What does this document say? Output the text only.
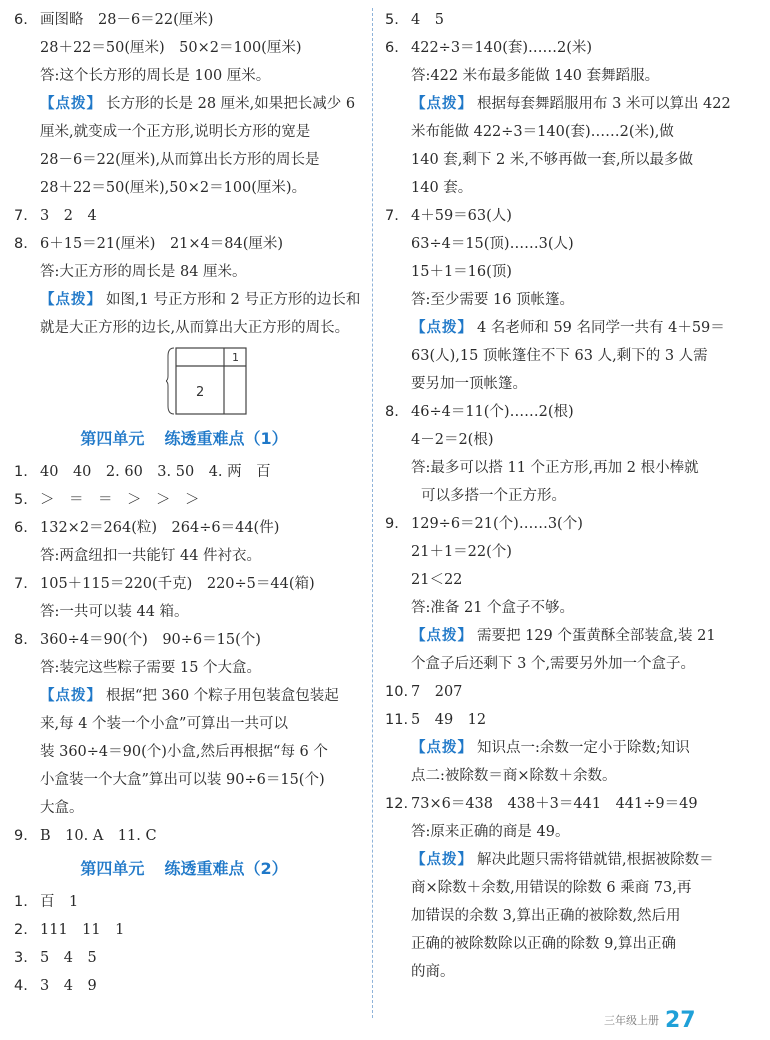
6. 画图略　28－6＝22(厘米)
28＋22＝50(厘米)　50×2＝100(厘米)
答:这个长方形的周长是 100 厘米。
【点拨】 长方形的长是 28 厘米,如果把长减少 6
厘米,就变成一个正方形,说明长方形的宽是
28－6＝22(厘米),从而算出长方形的周长是
28＋22＝50(厘米),50×2＝100(厘米)。
7. 3　2　4
8. 6＋15＝21(厘米)　21×4＝84(厘米)
答:大正方形的周长是 84 厘米。
【点拨】 如图,1 号正方形和 2 号正方形的边长和
就是大正方形的边长,从而算出大正方形的周长。
1
2
第四单元 练透重难点（1）
1. 40　40　2. 60　3. 50　4. 两　百
5. ＞　＝　＝　＞　＞　＞
6. 132×2＝264(粒)　264÷6＝44(件)
答:两盒纽扣一共能钉 44 件衬衣。
7. 105＋115＝220(千克)　220÷5＝44(箱)
答:一共可以装 44 箱。
8. 360÷4＝90(个)　90÷6＝15(个)
答:装完这些粽子需要 15 个大盒。
【点拨】 根据“把 360 个粽子用包装盒包装起
来,每 4 个装一个小盒”可算出一共可以
装 360÷4＝90(个)小盒,然后再根据“每 6 个
小盒装一个大盒”算出可以装 90÷6＝15(个)
大盒。
9. B　10. A　11. C
第四单元 练透重难点（2）
1. 百　1
2. 111　11　1
3. 5　4　5
4. 3　4　9
5. 4　5
6. 422÷3＝140(套)……2(米)
答:422 米布最多能做 140 套舞蹈服。
【点拨】 根据每套舞蹈服用布 3 米可以算出 422
米布能做 422÷3＝140(套)……2(米),做
140 套,剩下 2 米,不够再做一套,所以最多做
140 套。
7. 4＋59＝63(人)
63÷4＝15(顶)……3(人)
15＋1＝16(顶)
答:至少需要 16 顶帐篷。
【点拨】 4 名老师和 59 名同学一共有 4＋59＝
63(人),15 顶帐篷住不下 63 人,剩下的 3 人需
要另加一顶帐篷。
8. 46÷4＝11(个)……2(根)
4－2＝2(根)
答:最多可以搭 11 个正方形,再加 2 根小棒就
可以多搭一个正方形。
9. 129÷6＝21(个)……3(个)
21＋1＝22(个)
21＜22
答:准备 21 个盒子不够。
【点拨】 需要把 129 个蛋黄酥全部装盒,装 21
个盒子后还剩下 3 个,需要另外加一个盒子。
10. 7　207
11. 5　49　12
【点拨】 知识点一:余数一定小于除数;知识
点二:被除数＝商×除数＋余数。
12. 73×6＝438　438＋3＝441　441÷9＝49
答:原来正确的商是 49。
【点拨】 解决此题只需将错就错,根据被除数＝
商×除数＋余数,用错误的除数 6 乘商 73,再
加错误的余数 3,算出正确的被除数,然后用
正确的被除数除以正确的除数 9,算出正确
的商。
三年级上册 27
